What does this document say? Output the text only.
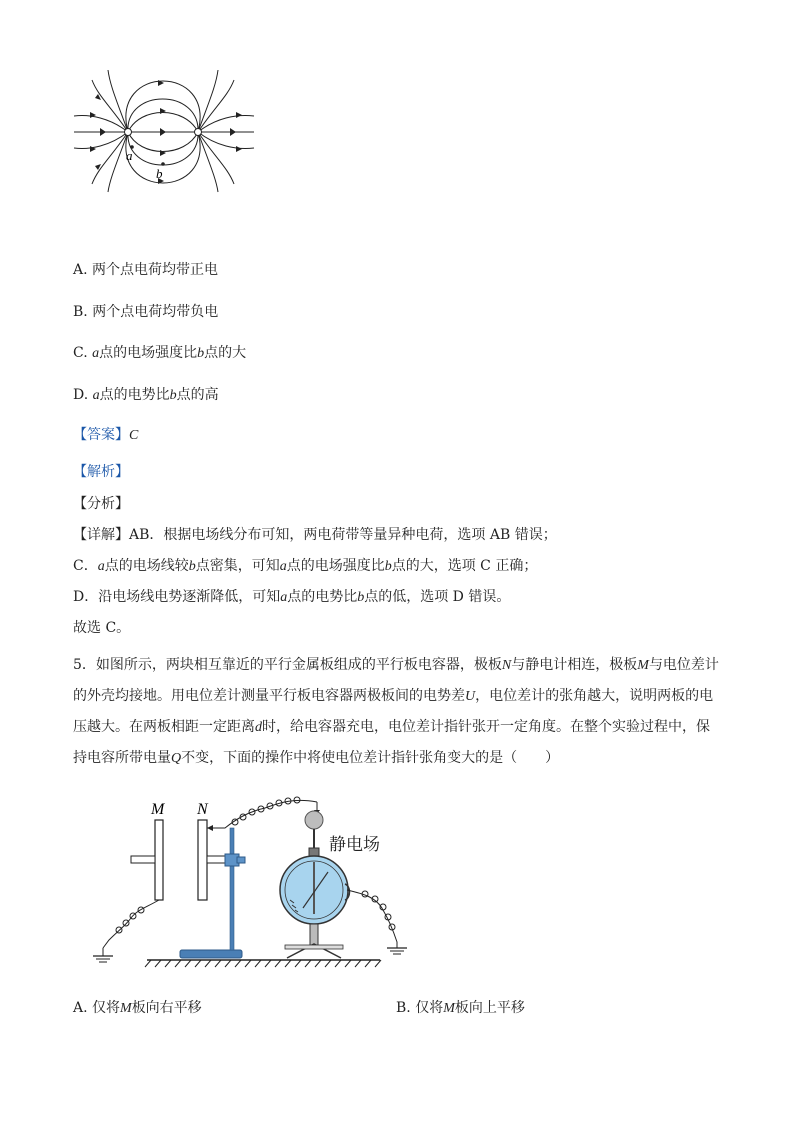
a
b
A. 两个点电荷均带正电
B. 两个点电荷均带负电
C. a点的电场强度比b点的大
D. a点的电势比b点的高
【答案】C
【解析】
【分析】
【详解】AB．根据电场线分布可知，两电荷带等量异种电荷，选项 AB 错误；
C．a点的电场线较b点密集，可知a点的电场强度比b点的大，选项 C 正确；
D．沿电场线电势逐渐降低，可知a点的电势比b点的低，选项 D 错误。
故选 C。
5．如图所示，两块相互靠近的平行金属板组成的平行板电容器，极板N与静电计相连，极板M与电位差计的外壳均接地。用电位差计测量平行板电容器两极板间的电势差U，电位差计的张角越大，说明两板的电压越大。在两板相距一定距离d时，给电容器充电，电位差计指针张开一定角度。在整个实验过程中，保持电容所带电量Q不变，下面的操作中将使电位差计指针张角变大的是（　　）
M N
静电场
A. 仅将M板向右平移	B. 仅将M板向上平移
